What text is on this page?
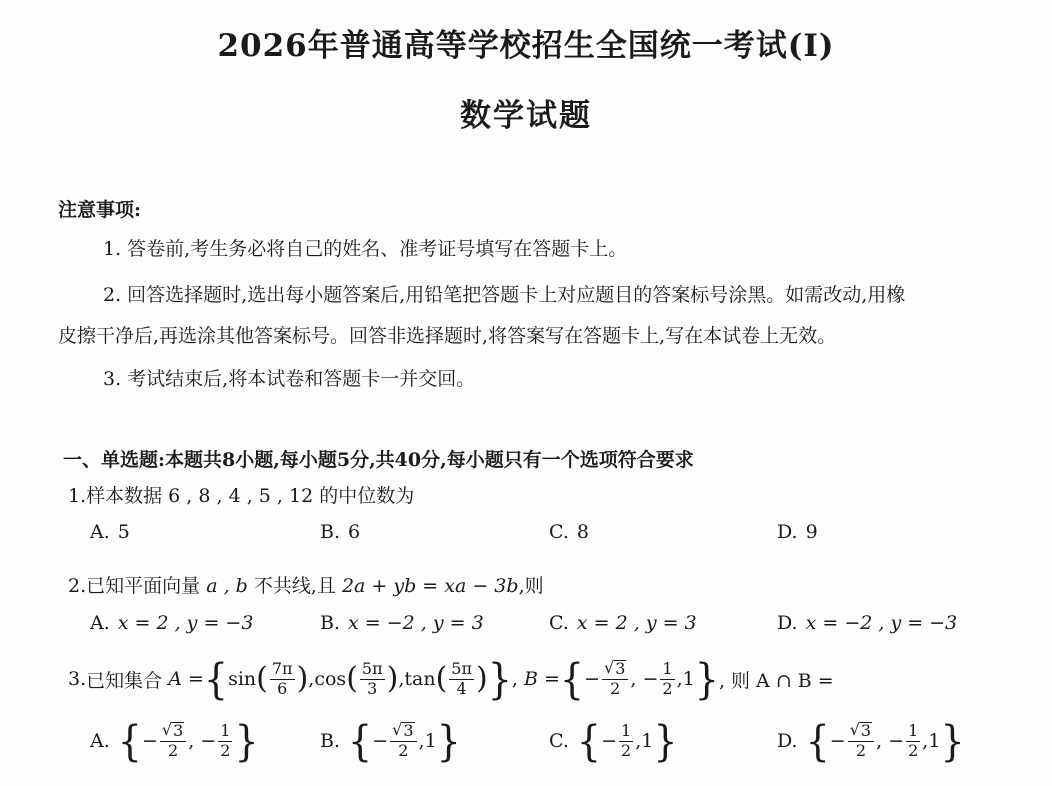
2026年普通高等学校招生全国统一考试(I)
数学试题
注意事项:
1. 答卷前,考生务必将自己的姓名、准考证号填写在答题卡上。
2. 回答选择题时,选出每小题答案后,用铅笔把答题卡上对应题目的答案标号涂黑。如需改动,用橡
皮擦干净后,再选涂其他答案标号。回答非选择题时,将答案写在答题卡上,写在本试卷上无效。
3. 考试结束后,将本试卷和答题卡一并交回。
一、单选题:本题共8小题,每小题5分,共40分,每小题只有一个选项符合要求
1.样本数据 6 , 8 , 4 , 5 , 12 的中位数为
A. 5	B. 6	C. 8	D. 9
2.已知平面向量 a , b 不共线,且 2a + yb = xa − 3b,则
A. x = 2 , y = −3	B. x = −2 , y = 3	C. x = 2 , y = 3	D. x = −2 , y = −3
3. 已知集合
A = { sin ( $\frac{7\pi}{6}$ ) , cos ( $\frac{5\pi}{3}$ ) , tan ( $\frac{5\pi}{4}$ ) } , B = { − $\frac{√ 3}{2}$ , − $\frac{1}{2}$ , 1 } , 则 A ∩ B =
A. { − $\frac{√ 3}{2}$ , − $\frac{1}{2}$ }	B. { − $\frac{√ 3}{2}$ , 1 }	C. { − $\frac{1}{2}$ , 1 }	D. { − $\frac{√ 3}{2}$ , − $\frac{1}{2}$ , 1 }
